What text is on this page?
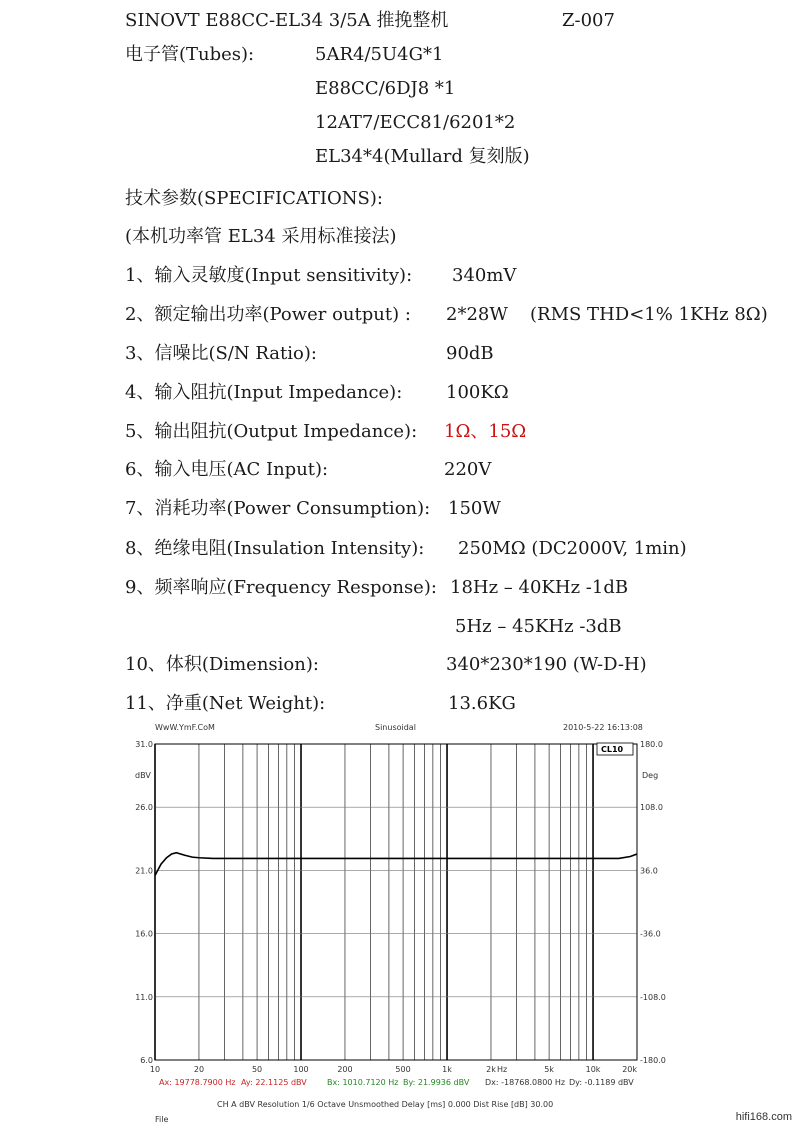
SINOVT E88CC-EL34 3/5A 推挽整机	Z-007
电子管(Tubes):	5AR4/5U4G*1
E88CC/6DJ8 *1
12AT7/ECC81/6201*2
EL34*4(Mullard 复刻版)
技术参数(SPECIFICATIONS):
(本机功率管 EL34 采用标准接法)
1、输入灵敏度(Input sensitivity): 340mV
2、额定输出功率(Power output) : 2*28W (RMS THD<1% 1KHz 8Ω)
3、信噪比(S/N Ratio):	90dB
4、输入阻抗(Input Impedance): 100KΩ
5、输出阻抗(Output Impedance): 1Ω、15Ω
6、输入电压(AC Input):	220V
7、消耗功率(Power Consumption): 150W
8、绝缘电阻(Insulation Intensity): 250MΩ (DC2000V, 1min)
9、频率响应(Frequency Response): 18Hz – 40KHz -1dB
5Hz – 45KHz -3dB
10、体积(Dimension):	340*230*190 (W-D-H)
11、净重(Net Weight):	13.6KG
WwW.YmF.CoM	Sinusoidal	2010-5-22 16:13:08
dBV	Deg
31.0
26.0
21.0
16.0
11.0
6.0
180.0
108.0
36.0
-36.0
-108.0
-180.0
10	20	50	100	200	500	1k	2k	5k	10k	20k
CL10
Hz
Ax: 19778.7900 Hz Ay: 22.1125 dBV	Bx: 1010.7120 Hz By: 21.9936 dBV Dx: -18768.0800 Hz Dy: -0.1189 dBV
CH A dBV Resolution 1/6 Octave Unsmoothed Delay [ms] 0.000 Dist Rise [dB] 30.00
File	hifi168.com
